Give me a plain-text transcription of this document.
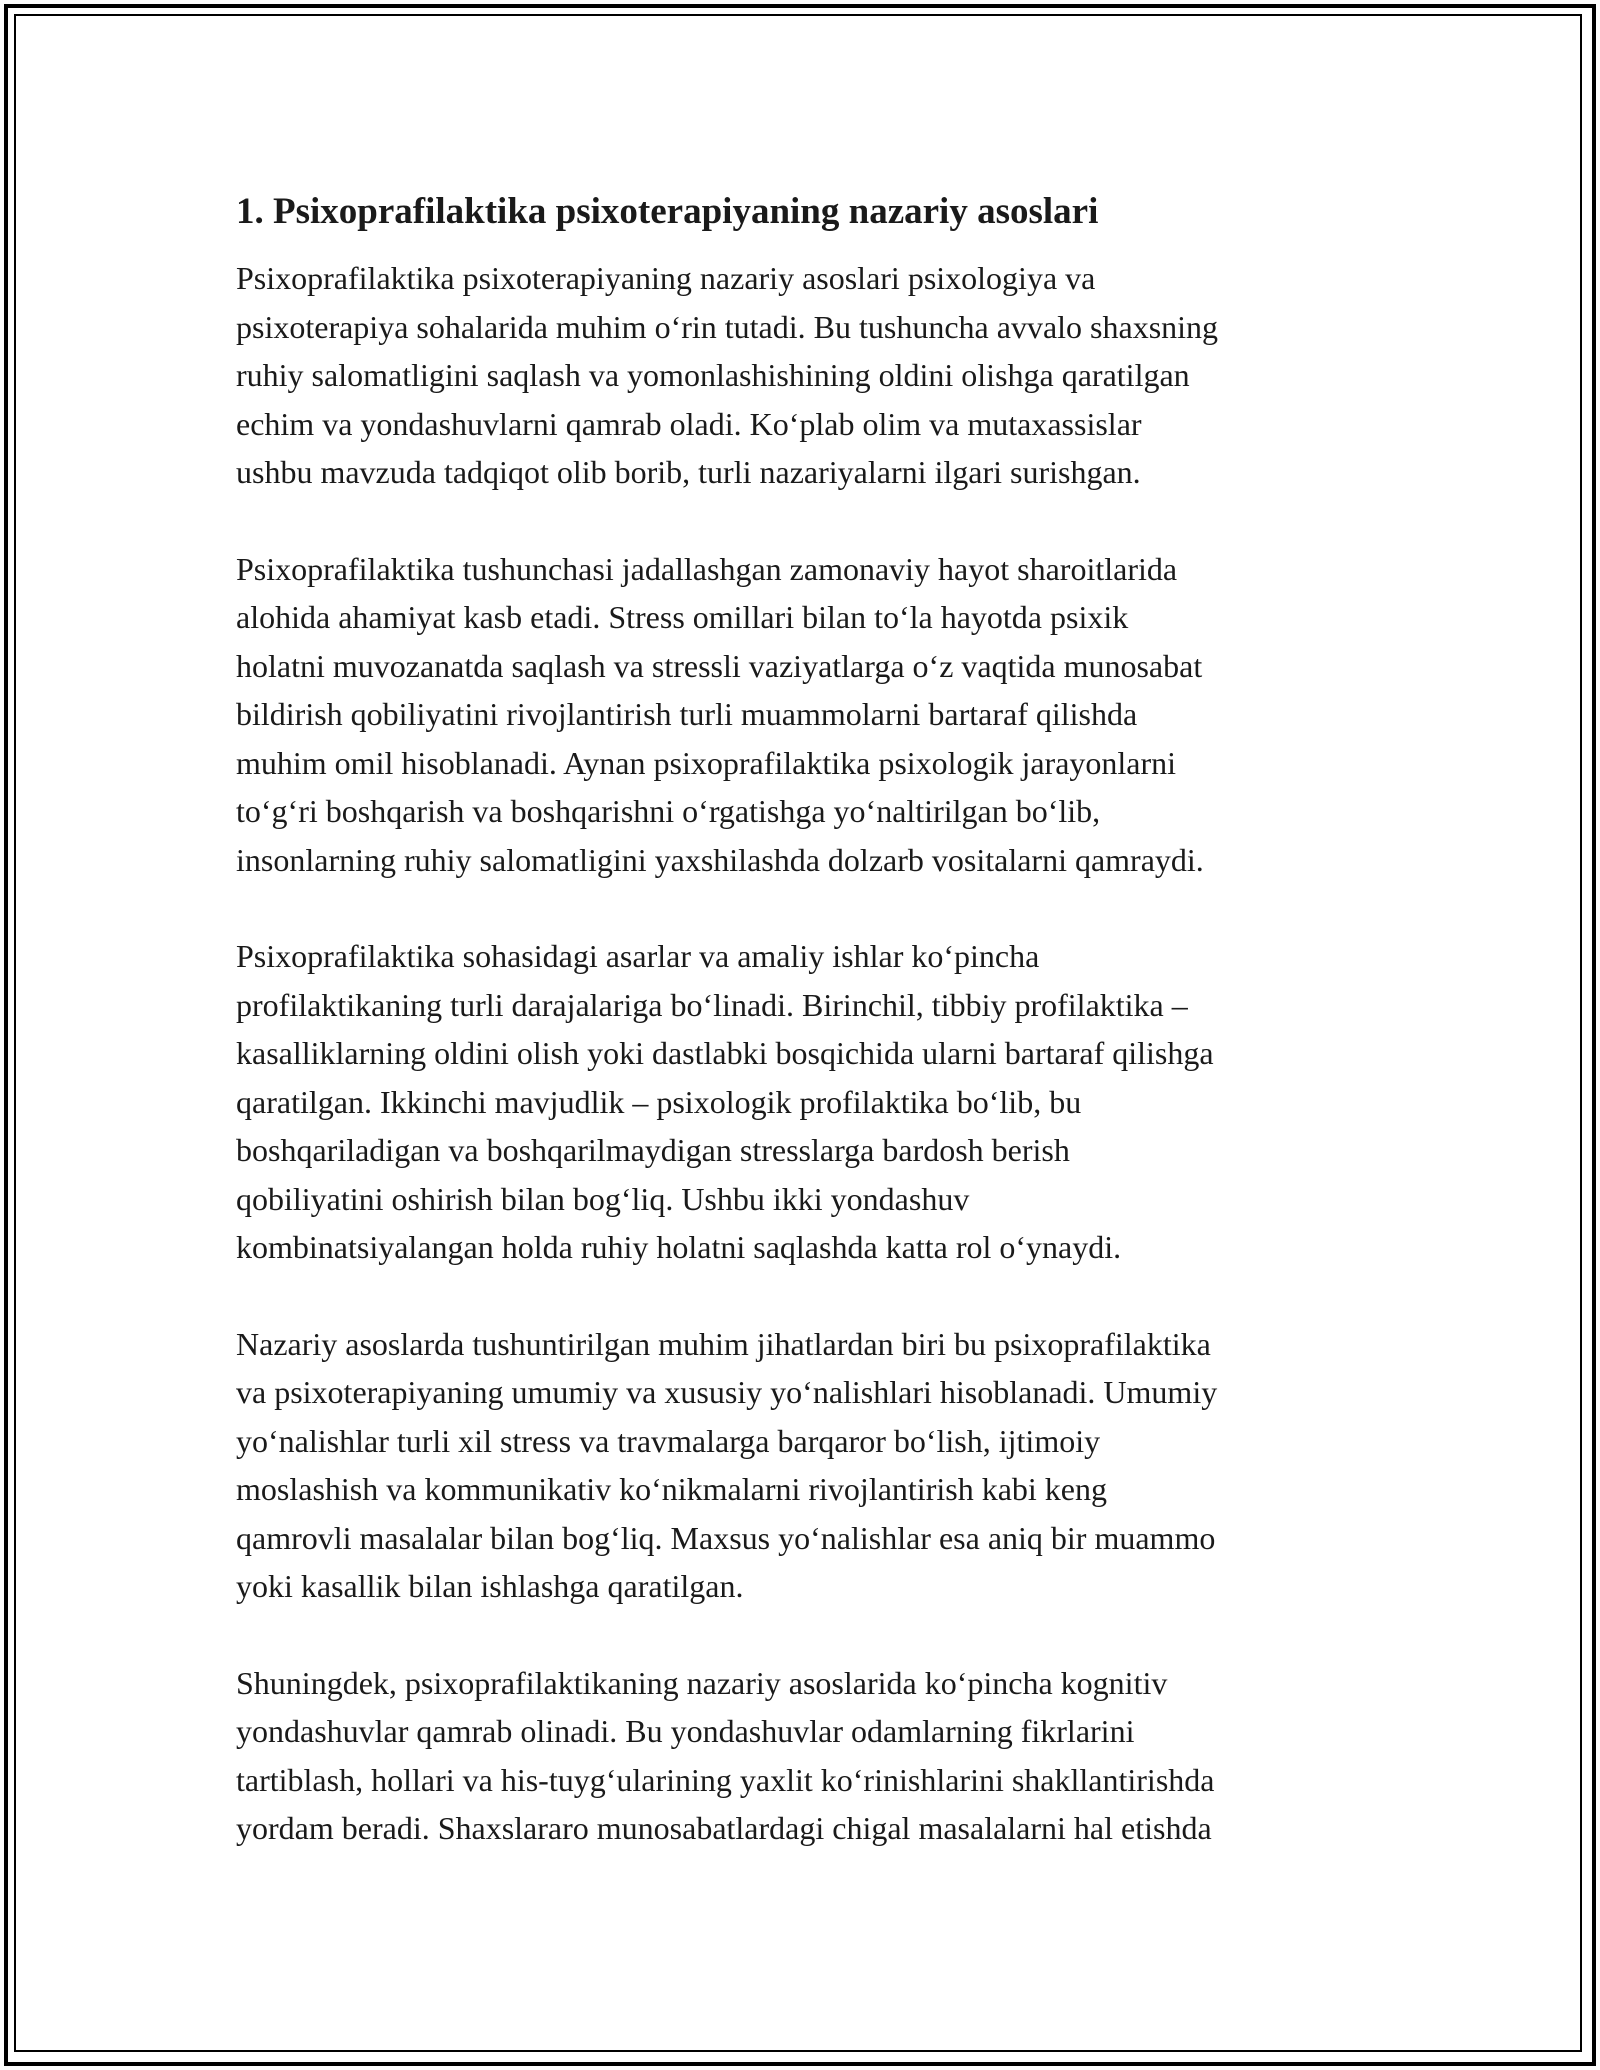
1. Psixoprafilaktika psixoterapiyaning nazariy asoslari

Psixoprafilaktika psixoterapiyaning nazariy asoslari psixologiya va
psixoterapiya sohalarida muhim o‘rin tutadi. Bu tushuncha avvalo shaxsning
ruhiy salomatligini saqlash va yomonlashishining oldini olishga qaratilgan
echim va yondashuvlarni qamrab oladi. Ko‘plab olim va mutaxassislar
ushbu mavzuda tadqiqot olib borib, turli nazariyalarni ilgari surishgan.

Psixoprafilaktika tushunchasi jadallashgan zamonaviy hayot sharoitlarida
alohida ahamiyat kasb etadi. Stress omillari bilan to‘la hayotda psixik
holatni muvozanatda saqlash va stressli vaziyatlarga o‘z vaqtida munosabat
bildirish qobiliyatini rivojlantirish turli muammolarni bartaraf qilishda
muhim omil hisoblanadi. Aynan psixoprafilaktika psixologik jarayonlarni
to‘g‘ri boshqarish va boshqarishni o‘rgatishga yo‘naltirilgan bo‘lib,
insonlarning ruhiy salomatligini yaxshilashda dolzarb vositalarni qamraydi.

Psixoprafilaktika sohasidagi asarlar va amaliy ishlar ko‘pincha
profilaktikaning turli darajalariga bo‘linadi. Birinchil, tibbiy profilaktika –
kasalliklarning oldini olish yoki dastlabki bosqichida ularni bartaraf qilishga
qaratilgan. Ikkinchi mavjudlik – psixologik profilaktika bo‘lib, bu
boshqariladigan va boshqarilmaydigan stresslarga bardosh berish
qobiliyatini oshirish bilan bog‘liq. Ushbu ikki yondashuv
kombinatsiyalangan holda ruhiy holatni saqlashda katta rol o‘ynaydi.

Nazariy asoslarda tushuntirilgan muhim jihatlardan biri bu psixoprafilaktika
va psixoterapiyaning umumiy va xususiy yo‘nalishlari hisoblanadi. Umumiy
yo‘nalishlar turli xil stress va travmalarga barqaror bo‘lish, ijtimoiy
moslashish va kommunikativ ko‘nikmalarni rivojlantirish kabi keng
qamrovli masalalar bilan bog‘liq. Maxsus yo‘nalishlar esa aniq bir muammo
yoki kasallik bilan ishlashga qaratilgan.

Shuningdek, psixoprafilaktikaning nazariy asoslarida ko‘pincha kognitiv
yondashuvlar qamrab olinadi. Bu yondashuvlar odamlarning fikrlarini
tartiblash, hollari va his-tuyg‘ularining yaxlit ko‘rinishlarini shakllantirishda
yordam beradi. Shaxslararo munosabatlardagi chigal masalalarni hal etishda
